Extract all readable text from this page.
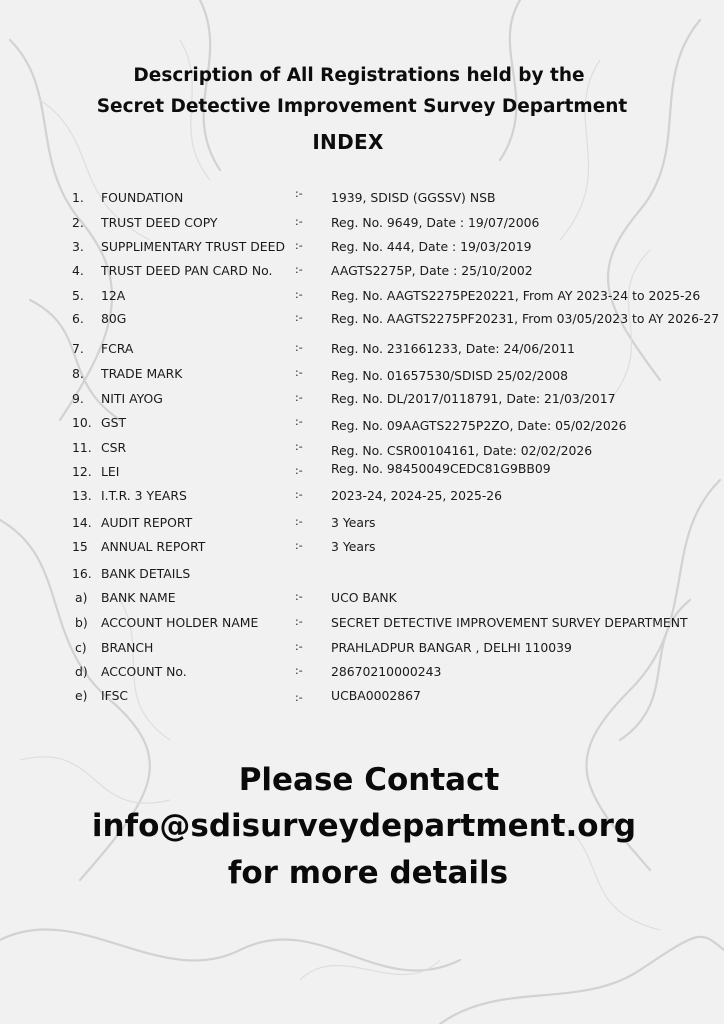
Description of All Registrations held by the
Secret Detective Improvement Survey Department
INDEX
1. FOUNDATION	:- 1939, SDISD (GGSSV) NSB
2. TRUST DEED COPY	:- Reg. No. 9649, Date : 19/07/2006
3. SUPPLIMENTARY TRUST DEED :- Reg. No. 444, Date : 19/03/2019
4. TRUST DEED PAN CARD No. :- AAGTS2275P, Date : 25/10/2002
5. 12A	:- Reg. No. AAGTS2275PE20221, From AY 2023-24 to 2025-26
6. 80G	:- Reg. No. AAGTS2275PF20231, From 03/05/2023 to AY 2026-27
7. FCRA	:- Reg. No. 231661233, Date: 24/06/2011
8. TRADE MARK	:- Reg. No. 01657530/SDISD 25/02/2008
9. NITI AYOG	:- Reg. No. DL/2017/0118791, Date: 21/03/2017
10. GST	:- Reg. No. 09AAGTS2275P2ZO, Date: 05/02/2026
11. CSR	:- Reg. No. CSR00104161, Date: 02/02/2026
12. LEI	:- Reg. No. 98450049CEDC81G9BB09
13. I.T.R. 3 YEARS	:- 2023-24, 2024-25, 2025-26
14. AUDIT REPORT	:- 3 Years
15 ANNUAL REPORT	:- 3 Years
16. BANK DETAILS
a) BANK NAME	:- UCO BANK
b) ACCOUNT HOLDER NAME	:- SECRET DETECTIVE IMPROVEMENT SURVEY DEPARTMENT
c) BRANCH	:- PRAHLADPUR BANGAR , DELHI 110039
d) ACCOUNT No.	:- 28670210000243
e) IFSC	:- UCBA0002867
Please Contact
info@sdisurveydepartment.org
for more details
